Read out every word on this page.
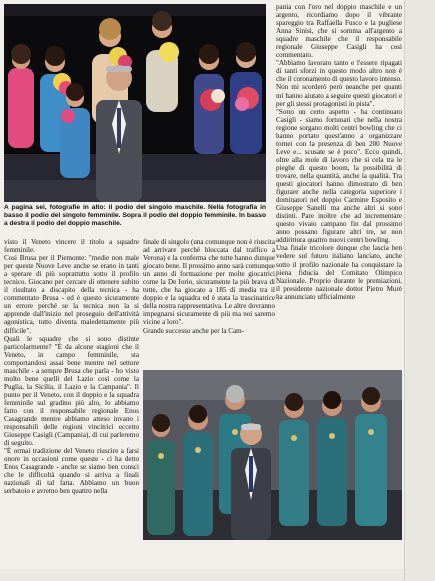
A pagina sei, fotografie in alto: il podio del singolo maschile. Nella fotografia in basso il podio del singolo femminile. Sopra il podio del doppio femminile. In basso a destra il podio del doppio maschile.

visto il Veneto vincere il titolo a squadre femminile.

Così Brusa per il Piemonte: "medie non male per queste Nuove Leve anche se erano in tanti a sperare di più soprattutto sotto il profilo tecnico. Giocano per cercare di ottenere subito il risultato a discapito della tecnica - ha commentato Brusa - ed è questo sicuramente un errore perché se la tecnica non la si apprende dall'inizio nel proseguio dell'attività agonistica, tutto diventa maledettamente più difficile".

Quali le squadre che si sono distinte particolarmente? "È da alcune stagioni che il Veneto, in campo femminile, sta comportandosi assai bene mentre nel settore maschile - a sempre Brusa che parla - ho visto molto bene quelli del Lazio così come la Puglia, la Sicilia, il Lazio e la Campania". Il punto per il Veneto, con il doppio e la squadra femminile sul gradino più alto, lo abbiamo fatto con il responsabile regionale Enos Casagrande mentre abbiamo atteso invano i responsabili delle regioni vincitrici eccetto Giuseppe Casigli (Campania), di cui parleremo di seguito.

"È ormai tradizione del Veneto riuscire a farsi onore in occasioni come queste - ci ha detto Enos Casagrande - anche se siamo ben consci che le difficoltà quando si arriva a finali nazionali di tal fatta. Abbiamo un buon serbatoio e avremo ben quattro nella

finale di singolo (una comunque non è riuscita ad arrivare perché bloccata dal traffico a Verona) e la conferma che tutte hanno dunque giocato bene. Il prossimo anno sarà comunque un anno di formazione per molte giocatrici come la De Iorio, sicuramente la più brava di tutte, che ha giocato a 185 di media tra il doppio e la squadra ed è stata la trascinatrice della nostra rappresentativa. Le altre dovranno impegnarsi sicuramente di più ma noi saremo vicine a loro".

Grande successo anche per la Cam-

pania con l'oro nel doppio maschile e un argento, ricordiamo dopo il vibrante spareggio tra Raffaella Fusco e la pugliese Anna Sinisi, che si somma all'argento a squadre maschile che il responsabile regionale Giuseppe Casigli ha così commentato.

"Abbiamo lavorato tanto e l'essere ripagati di tanti sforzi in questo modo altro non è che il coronamento di questo lavoro intenso.

Non mi scorderò però neanche per quanti mi hanno aiutato a seguire questi giocatori e per gli stessi protagonisti in pista".

"Sotto un certo aspetto - ha continuato Casigli - siamo fortunati che nella nostra regione sorgano molti centri bowling che ci hanno portato quest'anno a organizzare tornei con la presenza di ben 200 Nuove Leve e... scusate se è poco". Ecco quindi, oltre alla mole di lavoro che si cela tra le pieghe di questo boom, la possibilità di trovare, nella quantità, anche la qualità. Tra questi giocatori hanno dimostrato di ben figurare anche nella categoria superiore i dominatori nel doppio Carmine Esposito e Giuseppe Sanelli ma anche altri si sono distinti. Pare inoltre che ad incrementare questo vivaio campano fin dal prossimo anno possano figurare altri tre, se non addirittura quattro nuovi centri bowling.

Una finale tricolore dunque che lascia ben vedere sul futuro italiano lanciato, anche sotto il profilo nazionale ha conquistare la piena fiducia del Comitato Olimpico Nazionale. Proprio durante le premiazioni, il presidente nazionale dottor Pietro Murè ha annunciato ufficialmente
